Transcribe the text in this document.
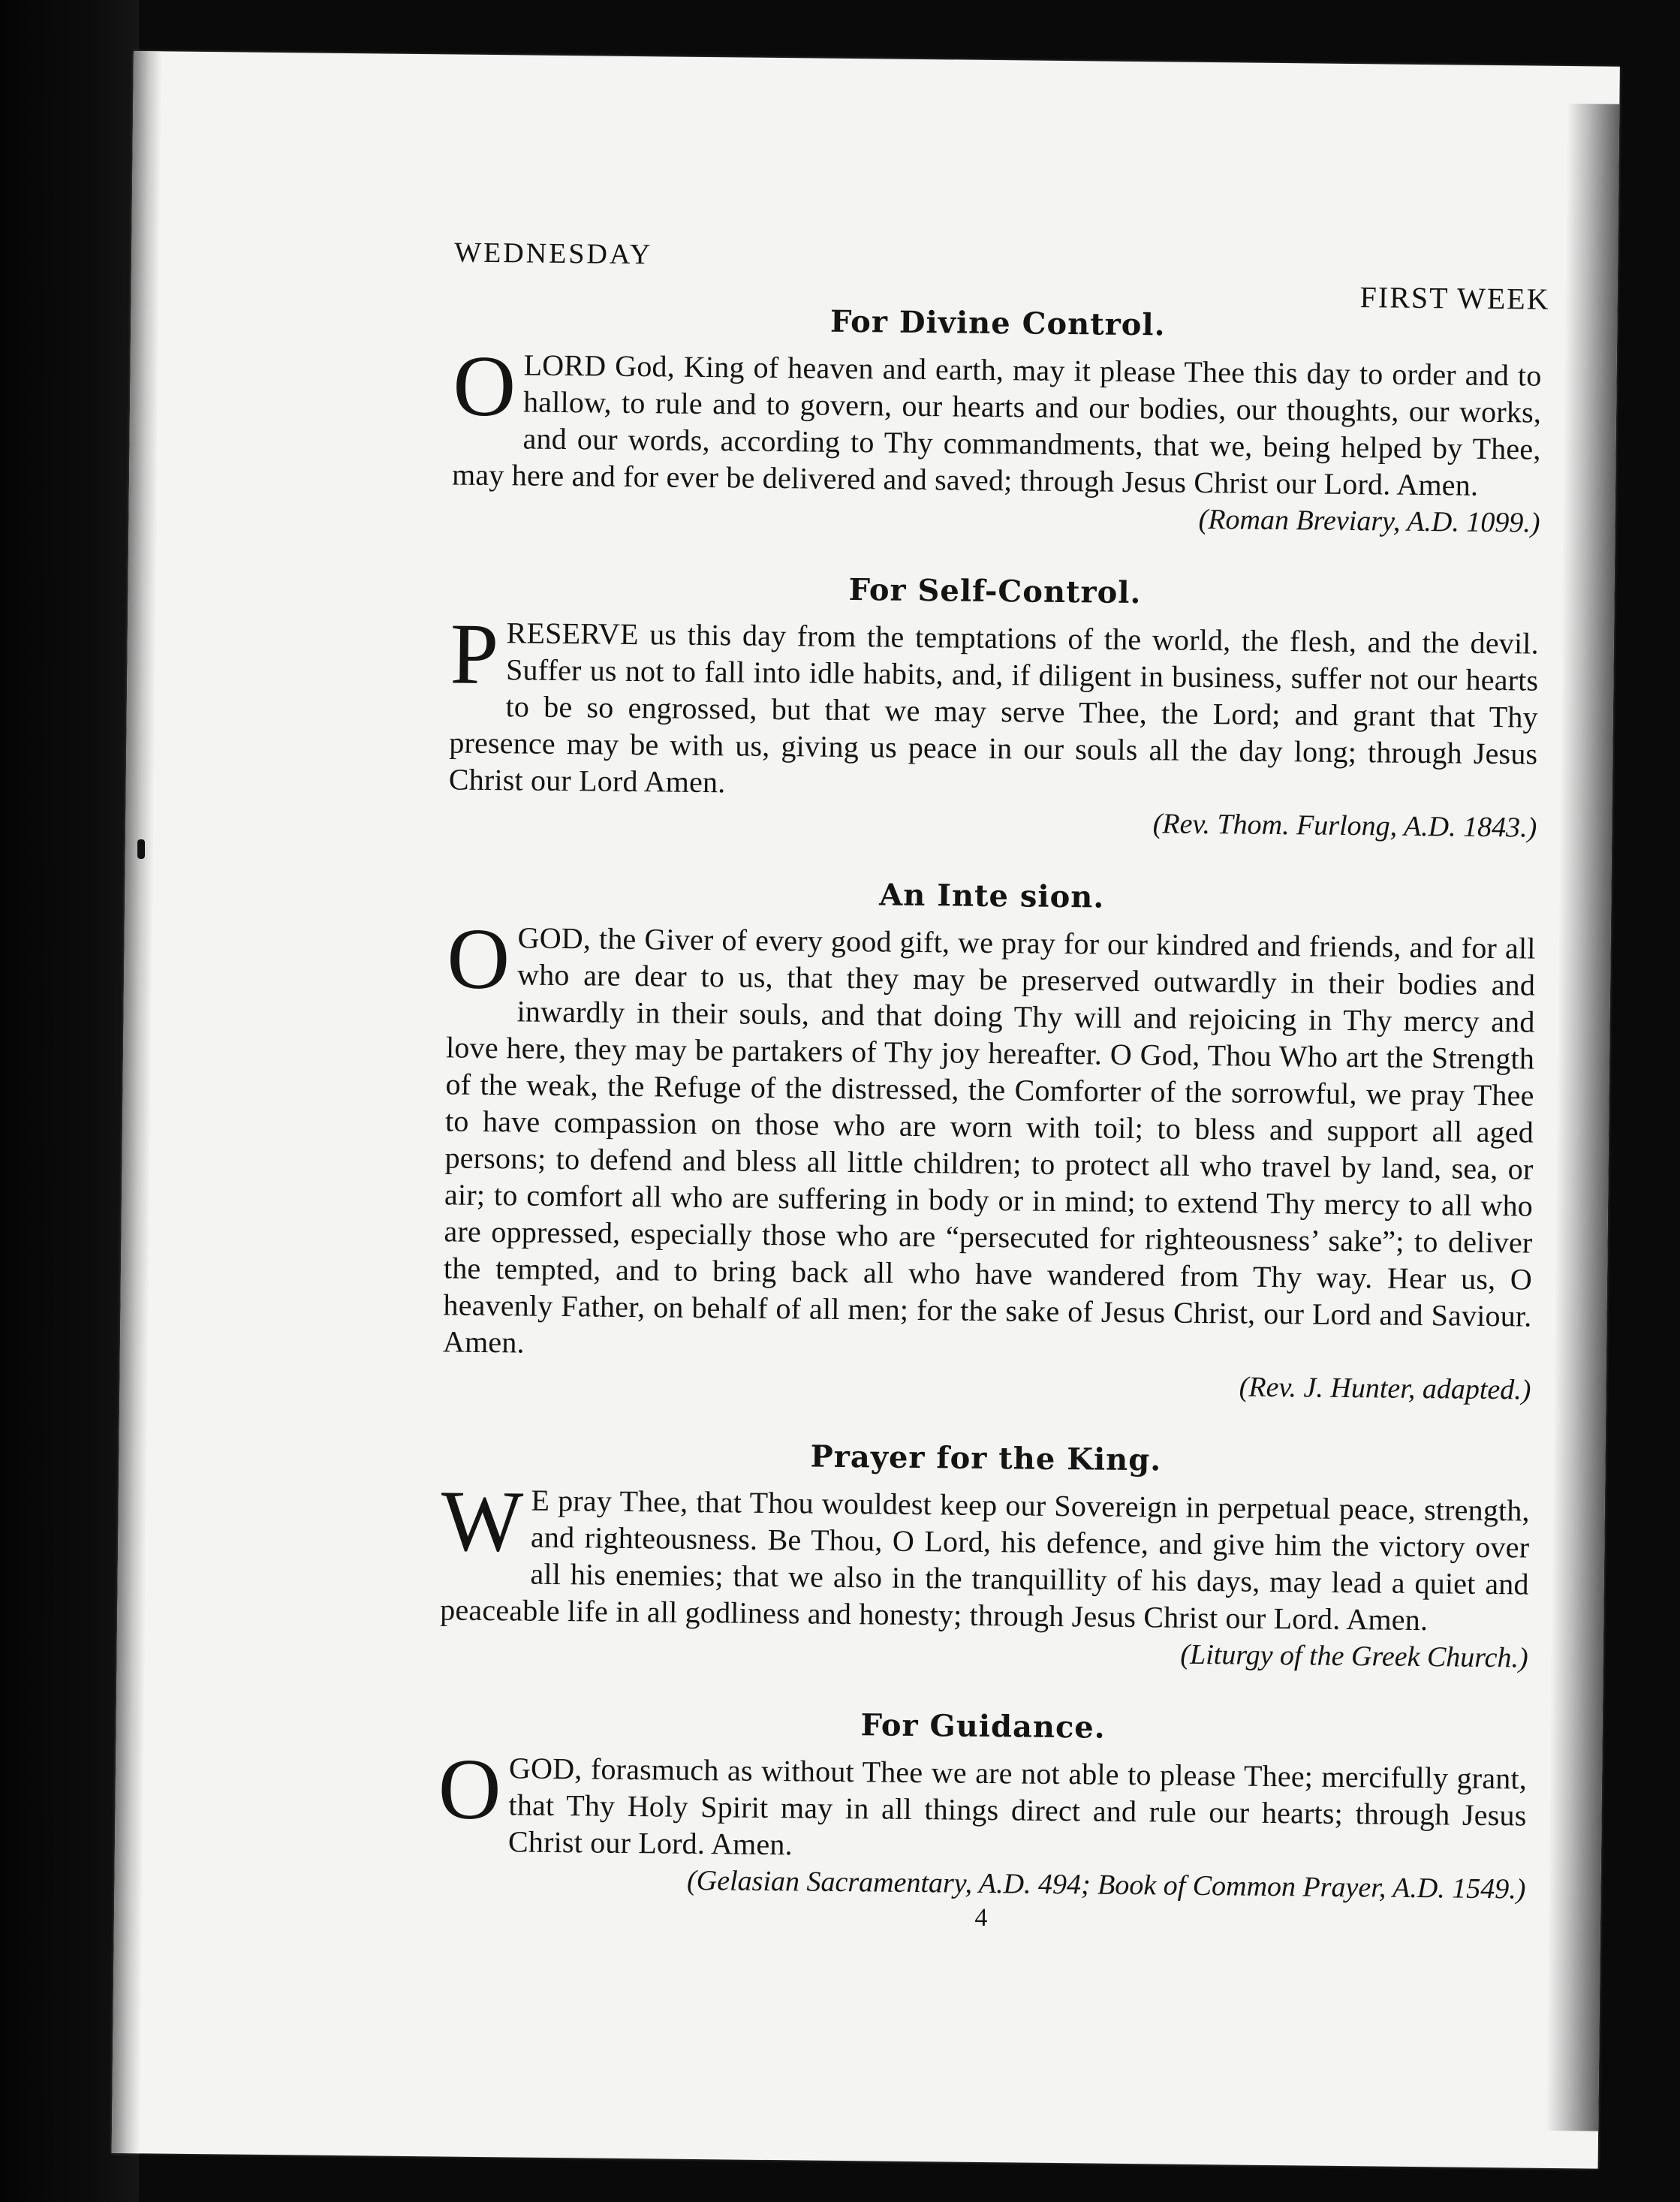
WEDNESDAY
FIRST WEEK
For Divine Control.

OLORD God, King of heaven and earth, may it please Thee this day to order and to hallow, to rule and to govern, our hearts and our bodies, our thoughts, our works, and our words, according to Thy commandments, that we, being helped by Thee, may here and for ever be delivered and saved; through Jesus Christ our Lord. Amen.

(Roman Breviary, A.D. 1099.)
For Self-Control.

PRESERVE us this day from the temptations of the world, the flesh, and the devil. Suffer us not to fall into idle habits, and, if diligent in business, suffer not our hearts to be so engrossed, but that we may serve Thee, the Lord; and grant that Thy presence may be with us, giving us peace in our souls all the day long; through Jesus Christ our Lord Amen.

(Rev. Thom. Furlong, A.D. 1843.)
An Inte sion.

OGOD, the Giver of every good gift, we pray for our kindred and friends, and for all who are dear to us, that they may be preserved outwardly in their bodies and inwardly in their souls, and that doing Thy will and rejoicing in Thy mercy and love here, they may be partakers of Thy joy hereafter. O God, Thou Who art the Strength of the weak, the Refuge of the distressed, the Comforter of the sorrowful, we pray Thee to have compassion on those who are worn with toil; to bless and support all aged persons; to defend and bless all little children; to protect all who travel by land, sea, or air; to comfort all who are suffering in body or in mind; to extend Thy mercy to all who are oppressed, especially those who are “persecuted for righteousness’ sake”; to deliver the tempted, and to bring back all who have wandered from Thy way. Hear us, O heavenly Father, on behalf of all men; for the sake of Jesus Christ, our Lord and Saviour. Amen.

(Rev. J. Hunter, adapted.)
Prayer for the King.

W E pray Thee, that Thou wouldest keep our Sovereign in perpetual peace, strength, and righteousness. Be Thou, O Lord, his defence, and give him the victory over all his enemies; that we also in the tranquillity of his days, may lead a quiet and peaceable life in all godliness and honesty; through Jesus Christ our Lord. Amen.

(Liturgy of the Greek Church.)
For Guidance.

OGOD, forasmuch as without Thee we are not able to please Thee; mercifully grant, that Thy Holy Spirit may in all things direct and rule our hearts; through Jesus Christ our Lord. Amen.

(Gelasian Sacramentary, A.D. 494; Book of Common Prayer, A.D. 1549.)
4
